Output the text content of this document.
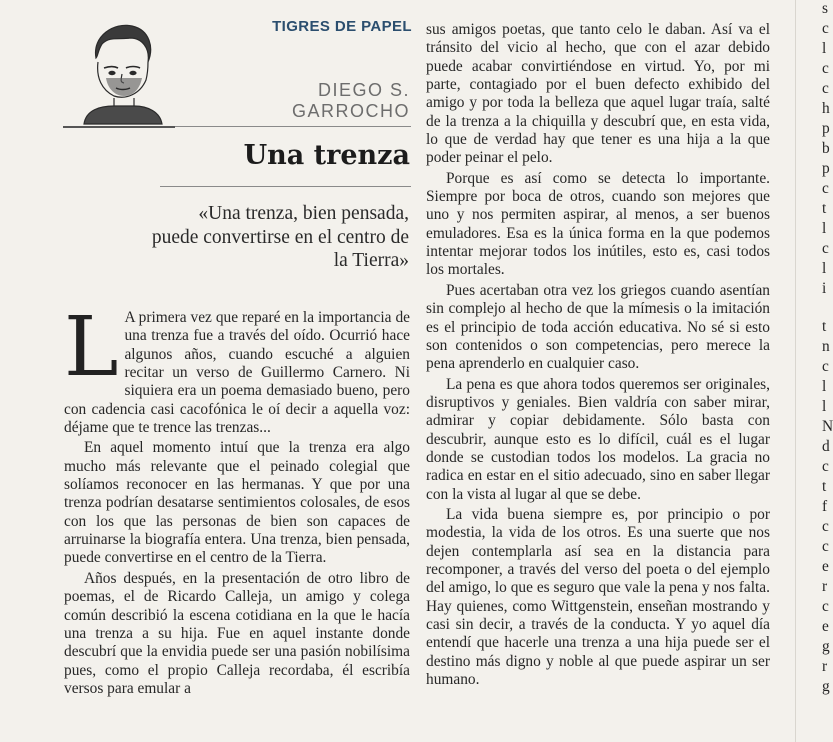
TIGRES DE PAPEL
DIEGO S.
GARROCHO
Una trenza
«Una trenza, bien pensada, puede convertirse en el centro de la Tierra»

L A primera vez que reparé en la importancia de una trenza fue a través del oído. Ocurrió hace algunos años, cuando escuché a alguien recitar un verso de Guillermo Carnero. Ni siquiera era un poema demasiado bueno, pero con cadencia casi cacofónica le oí decir a aquella voz: déjame que te trence las trenzas...

En aquel momento intuí que la trenza era algo mucho más relevante que el peinado colegial que solíamos reconocer en las hermanas. Y que por una trenza podrían desatarse sentimientos colosales, de esos con los que las personas de bien son capaces de arruinarse la biografía entera. Una trenza, bien pensada, puede convertirse en el centro de la Tierra.

Años después, en la presentación de otro libro de poemas, el de Ricardo Calleja, un amigo y colega común describió la escena cotidiana en la que le hacía una trenza a su hija. Fue en aquel instante donde descubrí que la envidia puede ser una pasión nobilísima pues, como el propio Calleja recordaba, él escribía versos para emular a

sus amigos poetas, que tanto celo le daban. Así va el tránsito del vicio al hecho, que con el azar debido puede acabar convirtiéndose en virtud. Yo, por mi parte, contagiado por el buen defecto exhibido del amigo y por toda la belleza que aquel lugar traía, salté de la trenza a la chiquilla y descubrí que, en esta vida, lo que de verdad hay que tener es una hija a la que poder peinar el pelo.

Porque es así como se detecta lo importante. Siempre por boca de otros, cuando son mejores que uno y nos permiten aspirar, al menos, a ser buenos emuladores. Esa es la única forma en la que podemos intentar mejorar todos los inútiles, esto es, casi todos los mortales.

Pues acertaban otra vez los griegos cuando asentían sin complejo al hecho de que la mímesis o la imitación es el principio de toda acción educativa. No sé si esto son contenidos o son competencias, pero merece la pena aprenderlo en cualquier caso.

La pena es que ahora todos queremos ser originales, disruptivos y geniales. Bien valdría con saber mirar, admirar y copiar debidamente. Sólo basta con descubrir, aunque esto es lo difícil, cuál es el lugar donde se custodian todos los modelos. La gracia no radica en estar en el sitio adecuado, sino en saber llegar con la vista al lugar al que se debe.

La vida buena siempre es, por principio o por modestia, la vida de los otros. Es una suerte que nos dejen contemplarla así sea en la distancia para recomponer, a través del verso del poeta o del ejemplo del amigo, lo que es seguro que vale la pena y nos falta. Hay quienes, como Wittgenstein, enseñan mostrando y casi sin decir, a través de la conducta. Y yo aquel día entendí que hacerle una trenza a una hija puede ser el destino más digno y noble al que puede aspirar un ser humano.

s
c
l
c
c
h
p
b
p
c
t
l
c
l
i
t
n
c
l
l
N
d
c
t
f
c
c
e
r
c
e
g
r
g
